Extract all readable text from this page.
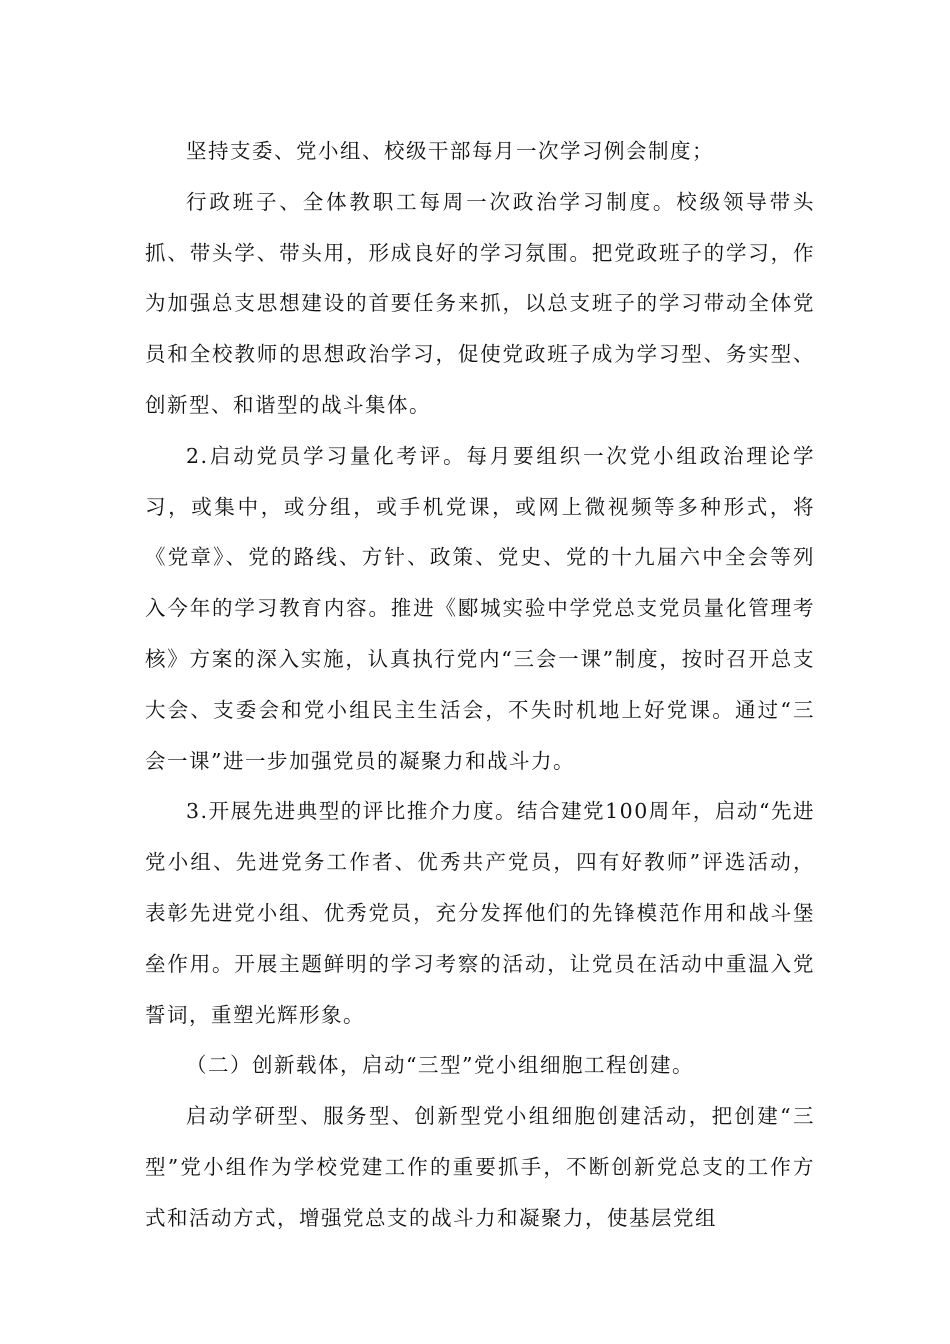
坚持支委、党小组、校级干部每月一次学习例会制度；

行政班子、全体教职工每周一次政治学习制度。校级领导带头抓、带头学、带头用，形成良好的学习氛围。把党政班子的学习，作为加强总支思想建设的首要任务来抓，以总支班子的学习带动全体党员和全校教师的思想政治学习，促使党政班子成为学习型、务实型、创新型、和谐型的战斗集体。

2.启动党员学习量化考评。每月要组织一次党小组政治理论学习，或集中，或分组，或手机党课，或网上微视频等多种形式，将《党章》、党的路线、方针、政策、党史、党的十九届六中全会等列入今年的学习教育内容。推进《郾城实验中学党总支党员量化管理考核》方案的深入实施，认真执行党内“三会一课”制度，按时召开总支大会、支委会和党小组民主生活会，不失时机地上好党课。通过“三会一课”进一步加强党员的凝聚力和战斗力。

3.开展先进典型的评比推介力度。结合建党100周年，启动“先进党小组、先进党务工作者、优秀共产党员，四有好教师”评选活动，表彰先进党小组、优秀党员，充分发挥他们的先锋模范作用和战斗堡垒作用。开展主题鲜明的学习考察的活动，让党员在活动中重温入党誓词，重塑光辉形象。

（二）创新载体，启动“三型”党小组细胞工程创建。

启动学研型、服务型、创新型党小组细胞创建活动，把创建“三型”党小组作为学校党建工作的重要抓手，不断创新党总支的工作方式和活动方式，增强党总支的战斗力和凝聚力，使基层党组
